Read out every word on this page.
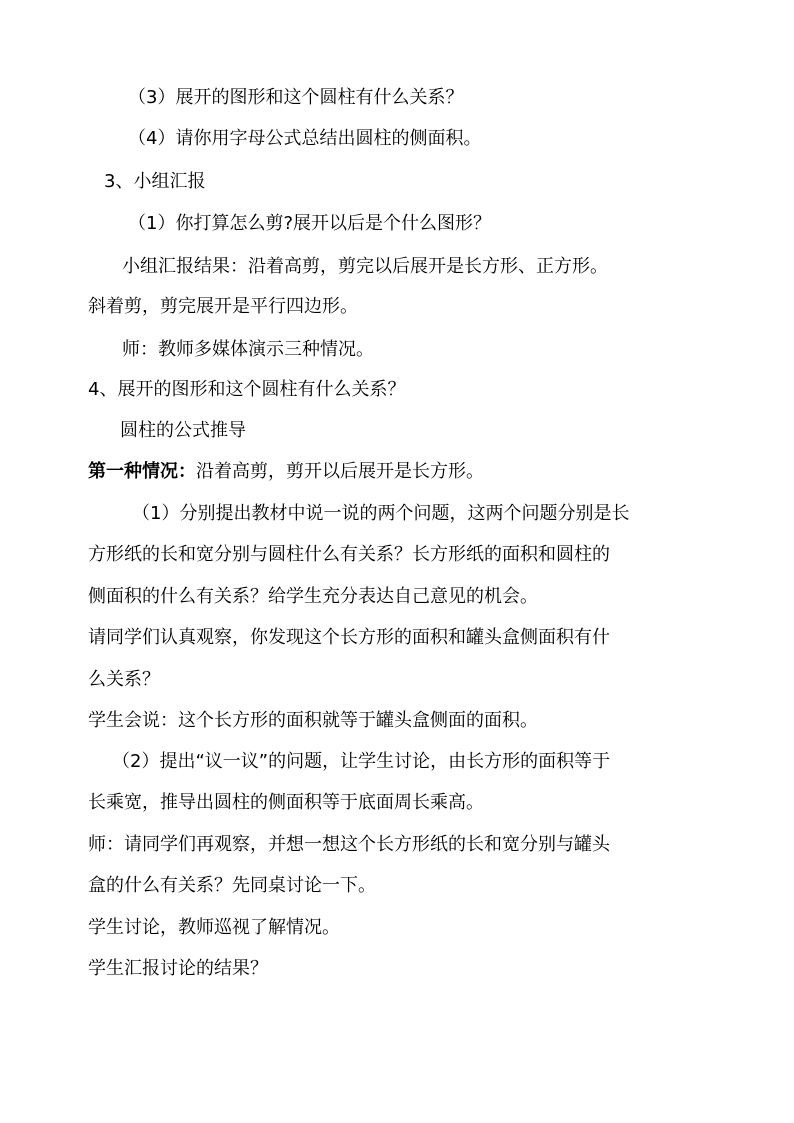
（3）展开的图形和这个圆柱有什么关系？
（4）请你用字母公式总结出圆柱的侧面积。
3、小组汇报
（1）你打算怎么剪?展开以后是个什么图形？
小组汇报结果：沿着高剪，剪完以后展开是长方形、正方形。
斜着剪，剪完展开是平行四边形。
师：教师多媒体演示三种情况。
4、展开的图形和这个圆柱有什么关系？
圆柱的公式推导
第一种情况：沿着高剪，剪开以后展开是长方形。
（1）分别提出教材中说一说的两个问题，这两个问题分别是长
方形纸的长和宽分别与圆柱什么有关系？长方形纸的面积和圆柱的
侧面积的什么有关系？给学生充分表达自己意见的机会。
请同学们认真观察，你发现这个长方形的面积和罐头盒侧面积有什
么关系？
学生会说：这个长方形的面积就等于罐头盒侧面的面积。
（2）提出“议一议”的问题，让学生讨论，由长方形的面积等于
长乘宽，推导出圆柱的侧面积等于底面周长乘高。
师：请同学们再观察，并想一想这个长方形纸的长和宽分别与罐头
盒的什么有关系？先同桌讨论一下。
学生讨论，教师巡视了解情况。
学生汇报讨论的结果？
